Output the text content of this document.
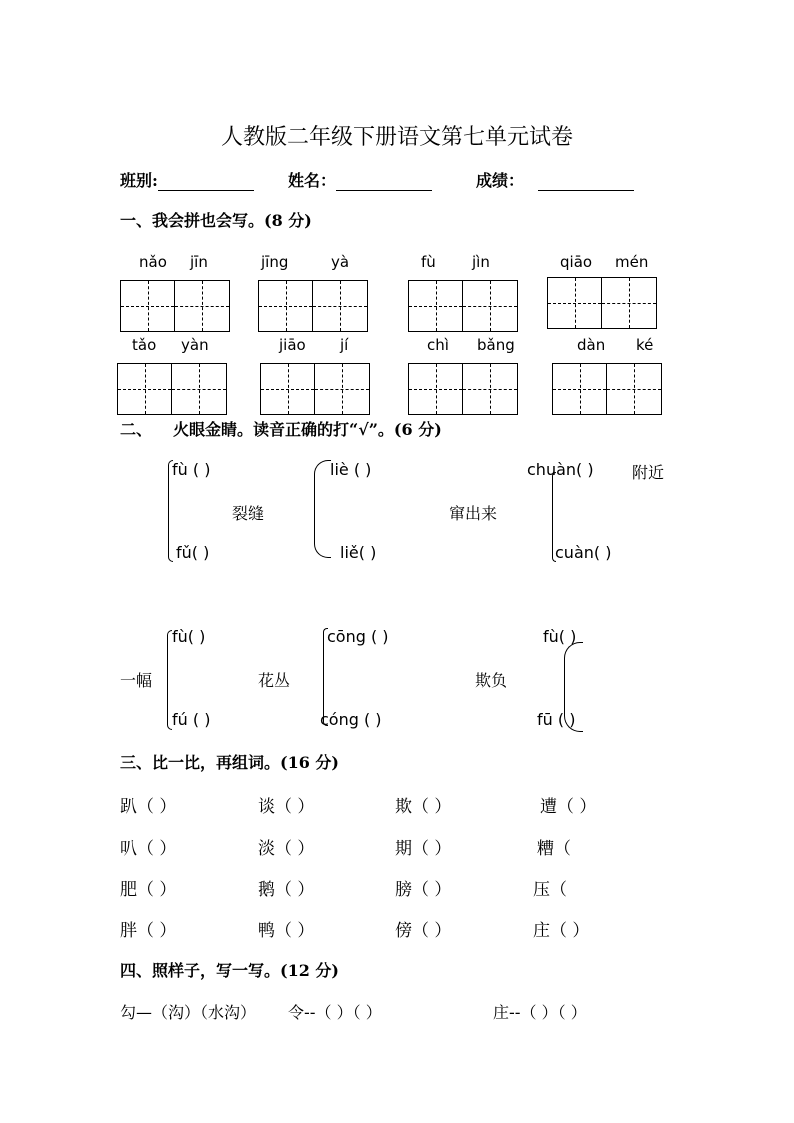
人教版二年级下册语文第七单元试卷
班别:	姓名：	成绩：
一、我会拼也会写。(8 分)
nǎo jīn	jīng	yà	fù jìn	qiāo mén
tǎo yàn	jiāo jí	chì bǎng	dàn ké
二、 火眼金睛。读音正确的打“√”。(6 分)
fù ( )
fǔ( )
裂缝
liè ( )
liě( )
窜出来
chuàn( )
cuàn( )
附近
一幅
fù( )
fú ( )
花丛
cōng ( )
cóng ( )
欺负
fù( )
fū ( )
三、比一比，再组词。(16 分)
趴（ ）	谈（ ）	欺（ ）	遭（ ）
叭（ ）	淡（ ）	期（ ）	糟（
肥（ ）	鹅（ ）	膀（ ）	压（
胖（ ）	鸭（ ）	傍（ ）	庄（ ）
四、照样子，写一写。(12 分)
勾—（沟）（水沟） 令--（ ）（ ）	庄--（ ）（ ）
